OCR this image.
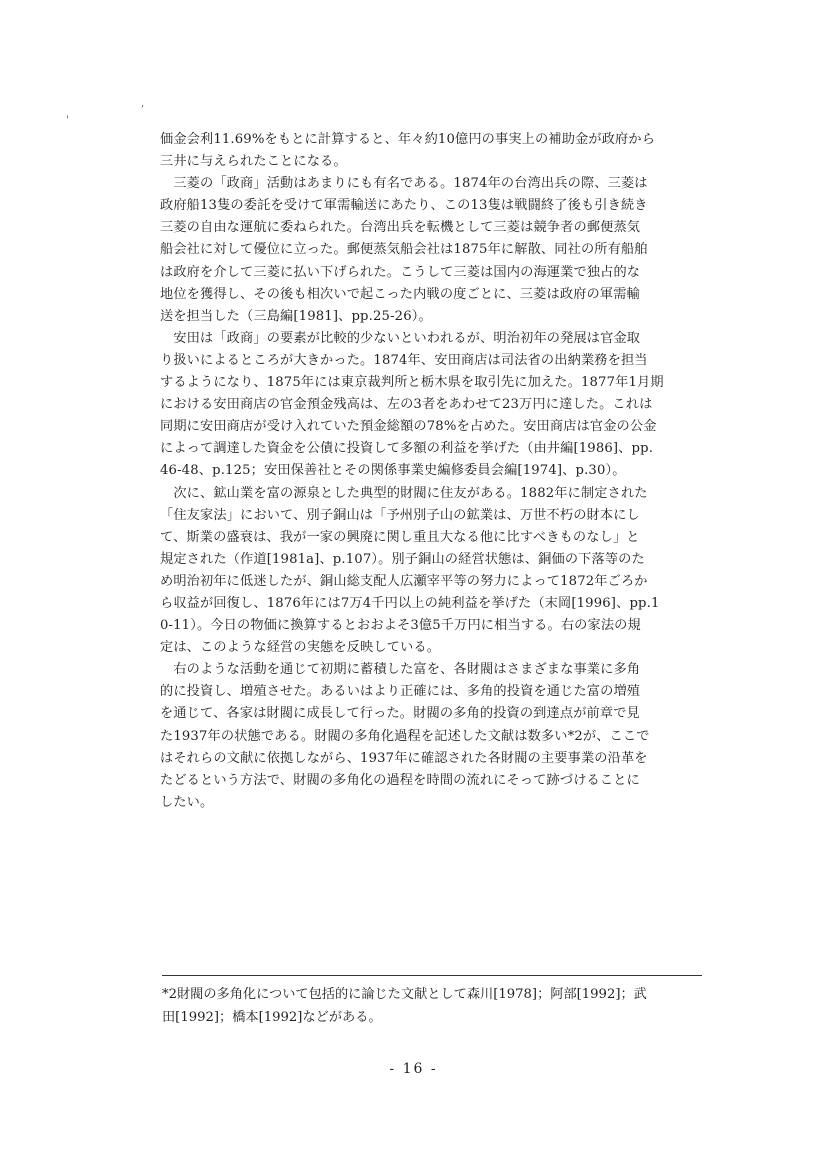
,
'
価金会利11.69%をもとに計算すると、年々約10億円の事実上の補助金が政府から
三井に与えられたことになる。
　三菱の「政商」活動はあまりにも有名である。1874年の台湾出兵の際、三菱は
政府船13隻の委託を受けて軍需輸送にあたり、この13隻は戦闘終了後も引き続き
三菱の自由な運航に委ねられた。台湾出兵を転機として三菱は競争者の郵便蒸気
船会社に対して優位に立った。郵便蒸気船会社は1875年に解散、同社の所有船舶
は政府を介して三菱に払い下げられた。こうして三菱は国内の海運業で独占的な
地位を獲得し、その後も相次いで起こった内戦の度ごとに、三菱は政府の軍需輸
送を担当した（三島編[1981]、pp.25-26）。
　安田は「政商」の要素が比較的少ないといわれるが、明治初年の発展は官金取
り扱いによるところが大きかった。1874年、安田商店は司法省の出納業務を担当
するようになり、1875年には東京裁判所と栃木県を取引先に加えた。1877年1月期
における安田商店の官金預金残高は、左の3者をあわせて23万円に達した。これは
同期に安田商店が受け入れていた預金総額の78%を占めた。安田商店は官金の公金
によって調達した資金を公債に投資して多額の利益を挙げた（由井編[1986]、pp.
46-48、p.125；安田保善社とその関係事業史編修委員会編[1974]、p.30）。
　次に、鉱山業を富の源泉とした典型的財閥に住友がある。1882年に制定された
「住友家法」において、別子銅山は「予州別子山の鉱業は、万世不朽の財本にし
て、斯業の盛衰は、我が一家の興廃に関し重且大なる他に比すべきものなし」と
規定された（作道[1981a]、p.107）。別子銅山の経営状態は、銅価の下落等のた
め明治初年に低迷したが、銅山総支配人広瀬宰平等の努力によって1872年ごろか
ら収益が回復し、1876年には7万4千円以上の純利益を挙げた（末岡[1996]、pp.1
0-11）。今日の物価に換算するとおおよそ3億5千万円に相当する。右の家法の規
定は、このような経営の実態を反映している。
　右のような活動を通じて初期に蓄積した富を、各財閥はさまざまな事業に多角
的に投資し、増殖させた。あるいはより正確には、多角的投資を通じた富の増殖
を通じて、各家は財閥に成長して行った。財閥の多角的投資の到達点が前章で見
た1937年の状態である。財閥の多角化過程を記述した文献は数多い*2が、ここで
はそれらの文献に依拠しながら、1937年に確認された各財閥の主要事業の沿革を
たどるという方法で、財閥の多角化の過程を時間の流れにそって跡づけることに
したい。
*2財閥の多角化について包括的に論じた文献として森川[1978]；阿部[1992]；武
田[1992]；橋本[1992]などがある。
- 16 -
